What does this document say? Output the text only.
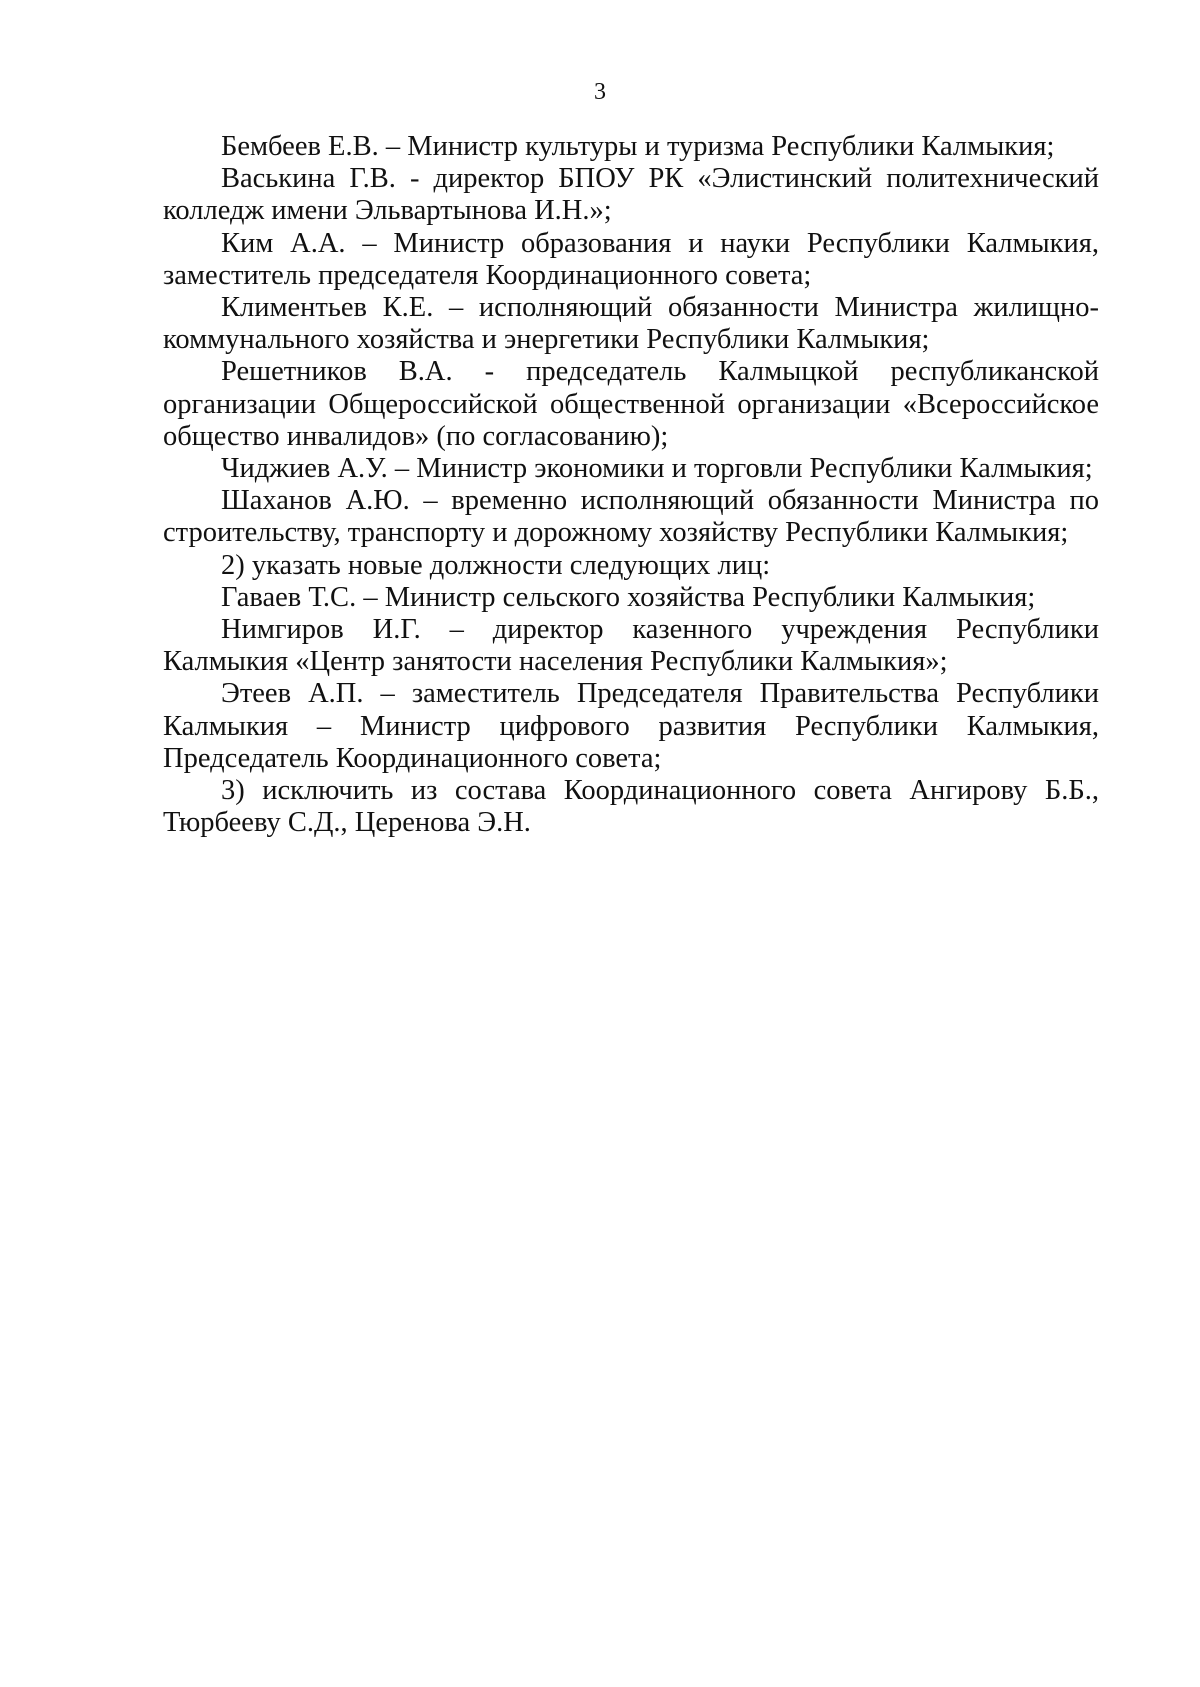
3

Бембеев Е.В. – Министр культуры и туризма Республики Калмыкия;

Васькина Г.В. - директор БПОУ РК «Элистинский политехнический колледж имени Эльвартынова И.Н.»;

Ким А.А. – Министр образования и науки Республики Калмыкия, заместитель председателя Координационного совета;

Климентьев К.Е. – исполняющий обязанности Министра жилищно-коммунального хозяйства и энергетики Республики Калмыкия;

Решетников В.А. - председатель Калмыцкой республиканской организации Общероссийской общественной организации «Всероссийское общество инвалидов» (по согласованию);

Чиджиев А.У. – Министр экономики и торговли Республики Калмыкия;

Шаханов А.Ю. – временно исполняющий обязанности Министра по строительству, транспорту и дорожному хозяйству Республики Калмыкия;

2) указать новые должности следующих лиц:

Гаваев Т.С. – Министр сельского хозяйства Республики Калмыкия;

Нимгиров И.Г. – директор казенного учреждения Республики Калмыкия «Центр занятости населения Республики Калмыкия»;

Этеев А.П. – заместитель Председателя Правительства Республики Калмыкия – Министр цифрового развития Республики Калмыкия, Председатель Координационного совета;

3) исключить из состава Координационного совета Ангирову Б.Б., Тюрбееву С.Д., Церенова Э.Н.
